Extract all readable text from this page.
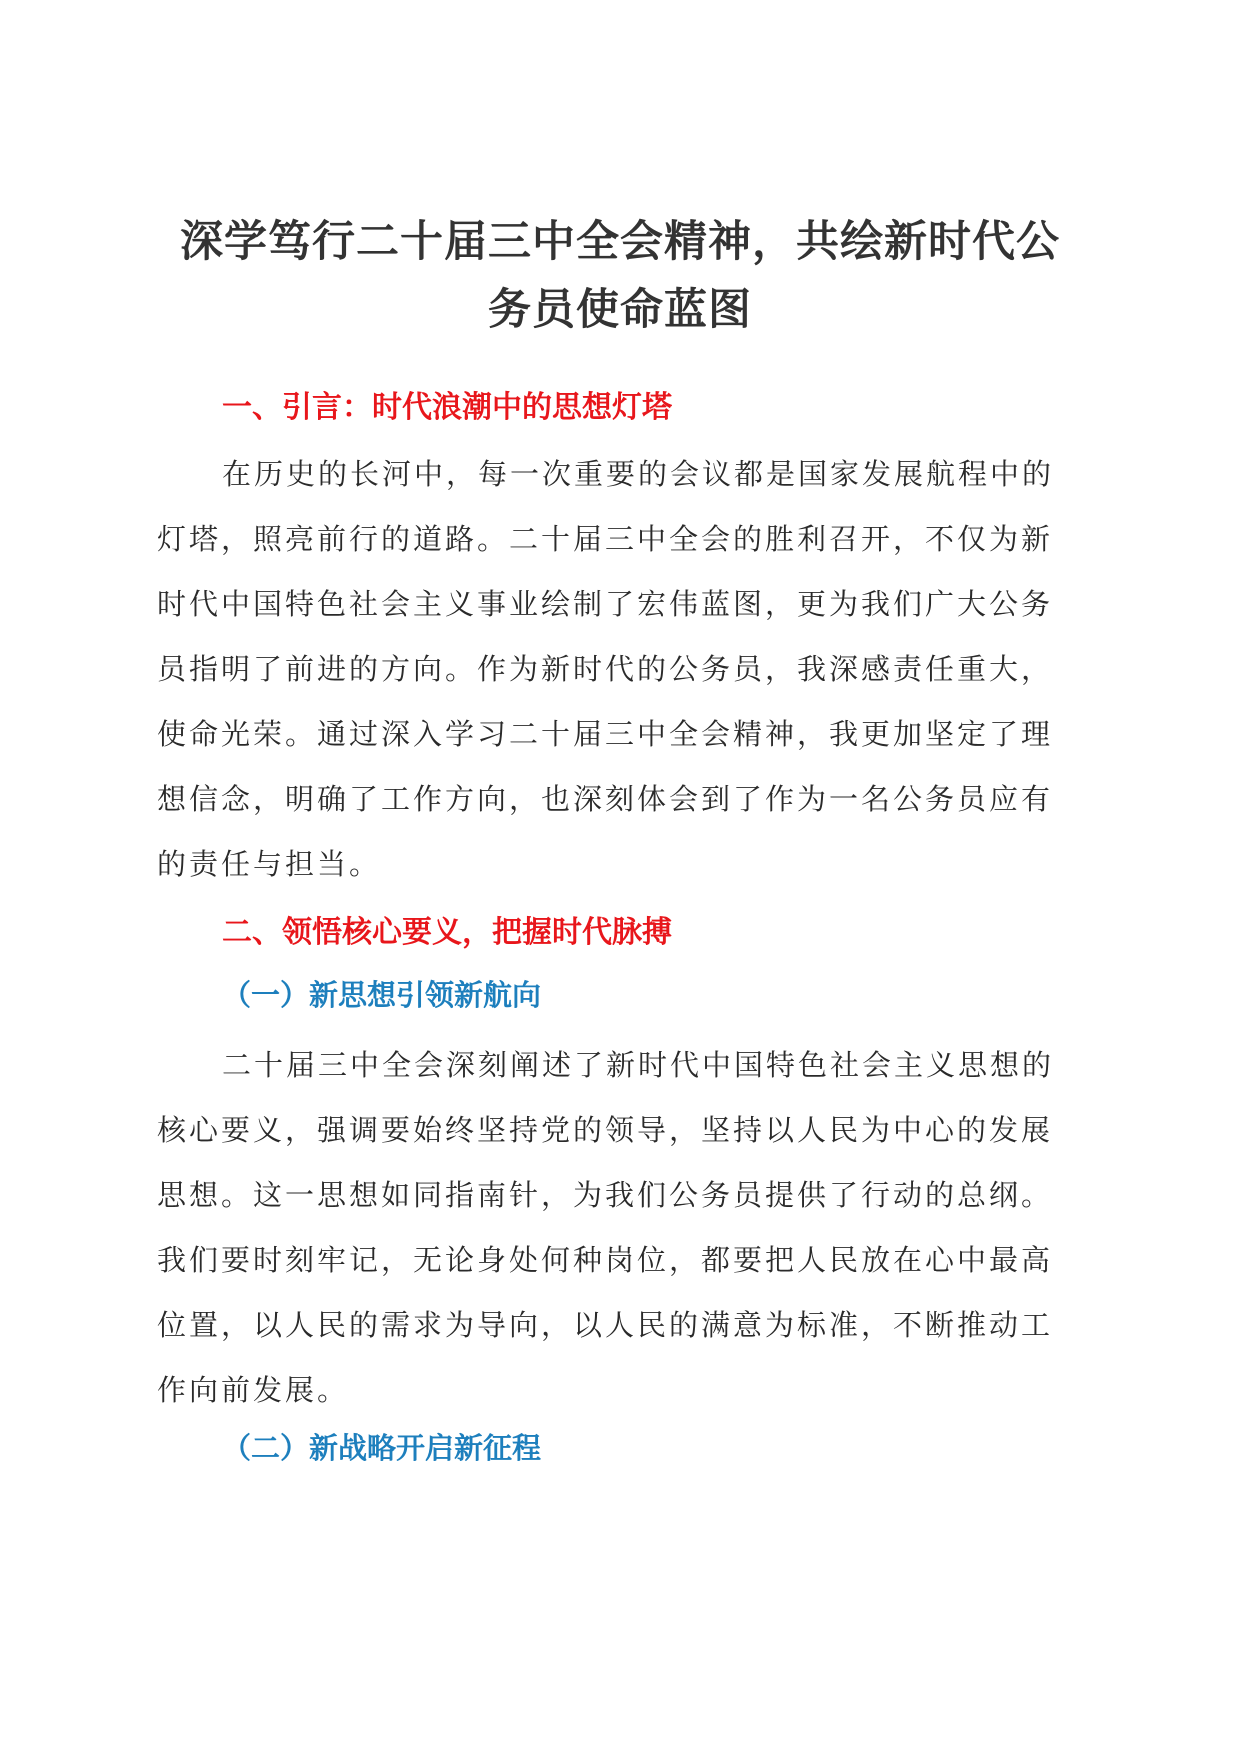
深学笃行二十届三中全会精神，共绘新时代公
务员使命蓝图
一、引言：时代浪潮中的思想灯塔

在历史的长河中，每一次重要的会议都是国家发展航程中的
灯塔，照亮前行的道路。二十届三中全会的胜利召开，不仅为新
时代中国特色社会主义事业绘制了宏伟蓝图，更为我们广大公务
员指明了前进的方向。作为新时代的公务员，我深感责任重大，
使命光荣。通过深入学习二十届三中全会精神，我更加坚定了理
想信念，明确了工作方向，也深刻体会到了作为一名公务员应有
的责任与担当。

二、领悟核心要义，把握时代脉搏
（一）新思想引领新航向

二十届三中全会深刻阐述了新时代中国特色社会主义思想的
核心要义，强调要始终坚持党的领导，坚持以人民为中心的发展
思想。这一思想如同指南针，为我们公务员提供了行动的总纲。
我们要时刻牢记，无论身处何种岗位，都要把人民放在心中最高
位置，以人民的需求为导向，以人民的满意为标准，不断推动工
作向前发展。

（二）新战略开启新征程
